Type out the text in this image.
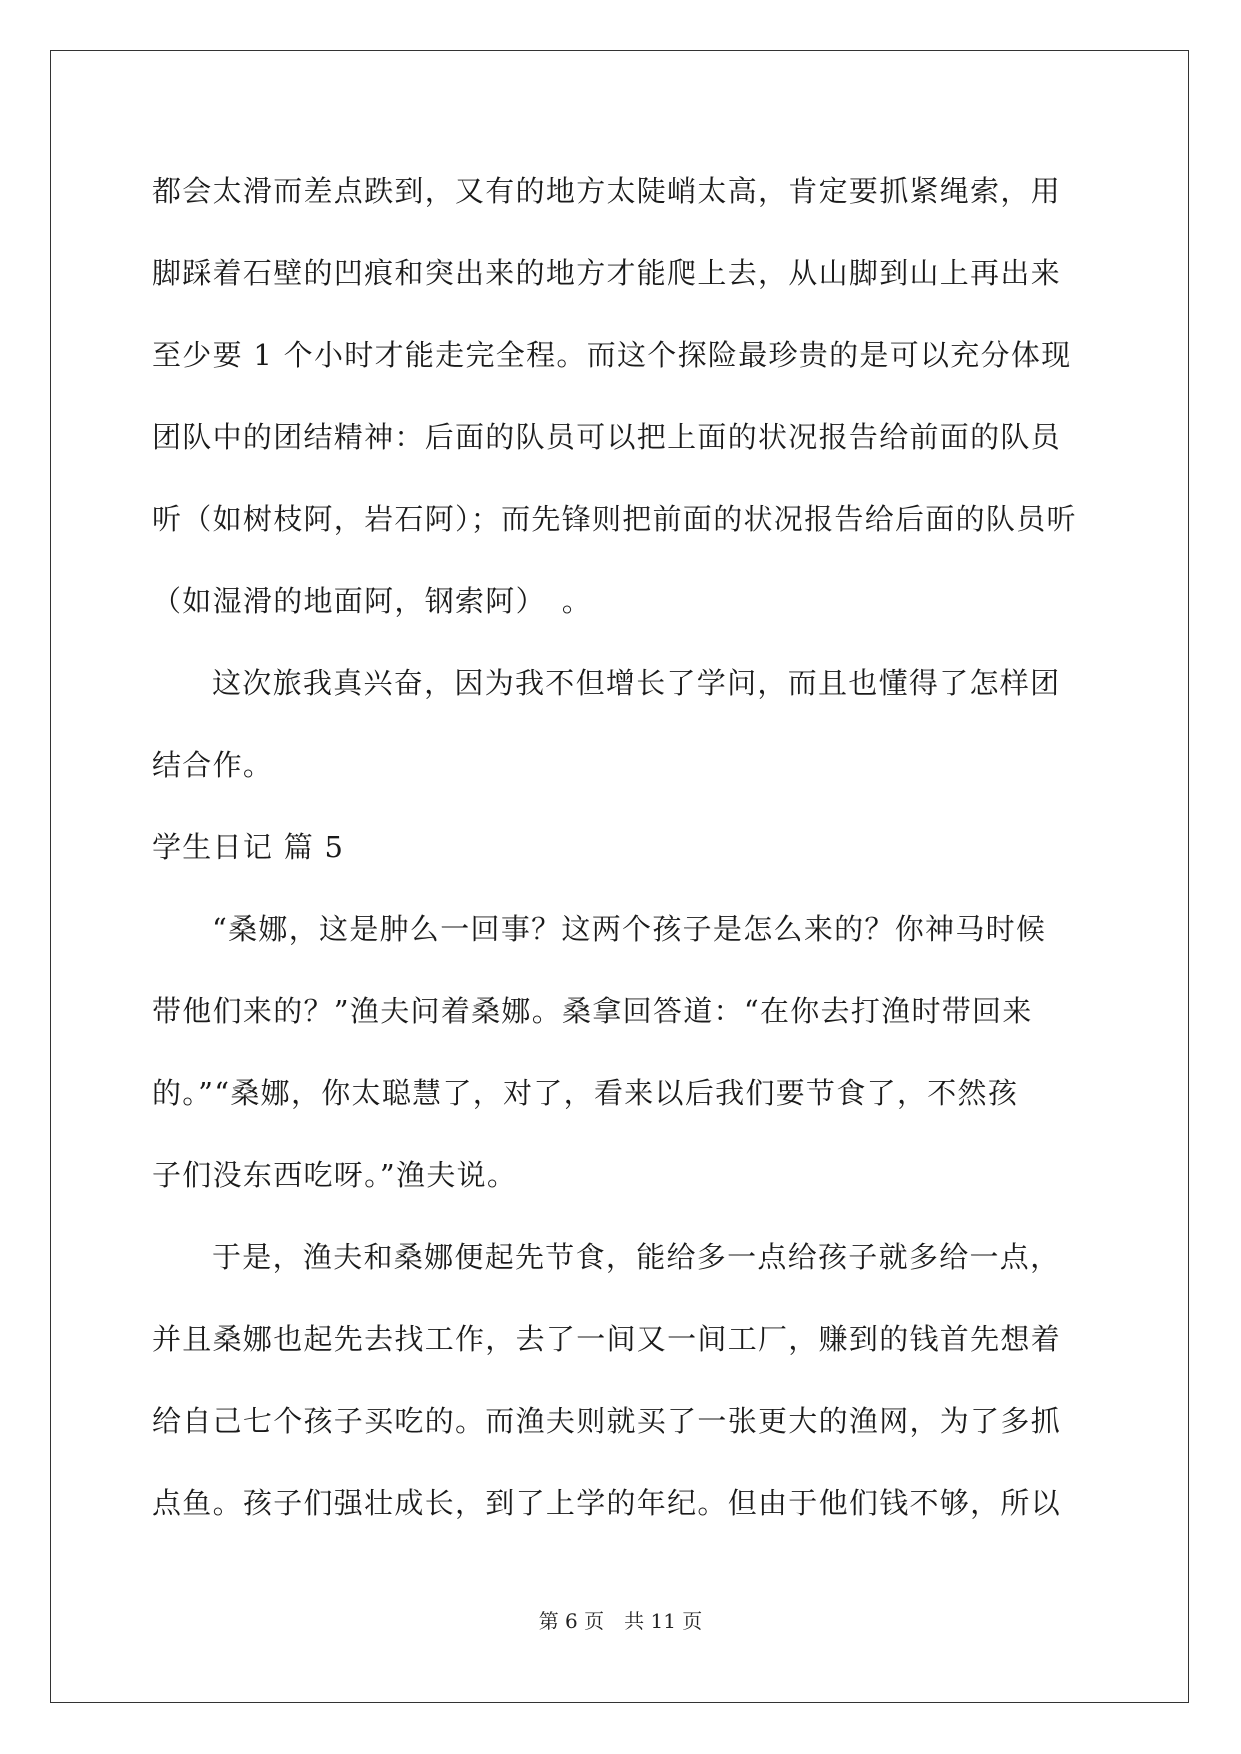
都会太滑而差点跌到，又有的地方太陡峭太高，肯定要抓紧绳索，用
脚踩着石壁的凹痕和突出来的地方才能爬上去，从山脚到山上再出来
至少要 1 个小时才能走完全程。而这个探险最珍贵的是可以充分体现
团队中的团结精神：后面的队员可以把上面的状况报告给前面的队员
听（如树枝阿，岩石阿）；而先锋则把前面的状况报告给后面的队员听
（如湿滑的地面阿，钢索阿）　。
这次旅我真兴奋，因为我不但增长了学问，而且也懂得了怎样团
结合作。
学生日记 篇 5
“桑娜，这是肿么一回事？这两个孩子是怎么来的？你神马时候
带他们来的？”渔夫问着桑娜。桑拿回答道：“在你去打渔时带回来
的。”“桑娜，你太聪慧了，对了，看来以后我们要节食了，不然孩
子们没东西吃呀。”渔夫说。
于是，渔夫和桑娜便起先节食，能给多一点给孩子就多给一点，
并且桑娜也起先去找工作，去了一间又一间工厂，赚到的钱首先想着
给自己七个孩子买吃的。而渔夫则就买了一张更大的渔网，为了多抓
点鱼。孩子们强壮成长，到了上学的年纪。但由于他们钱不够，所以
第 6 页　共 11 页
